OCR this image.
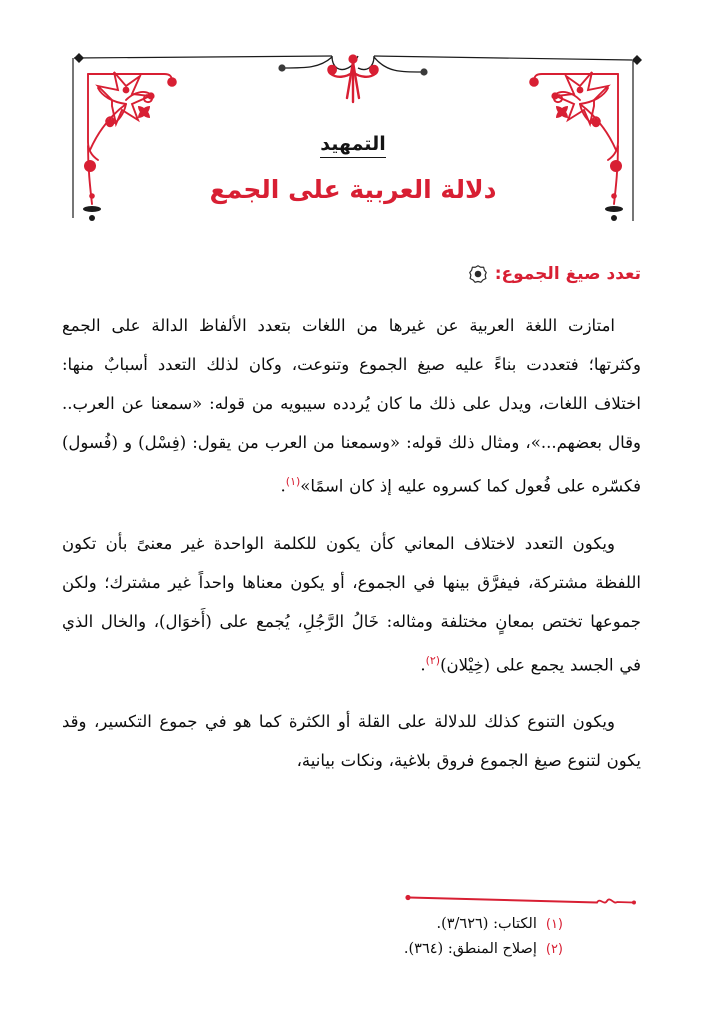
التمهيد
دلالة العربية على الجمع
تعدد صيغ الجموع:

امتازت اللغة العربية عن غيرها من اللغات بتعدد الألفاظ الدالة على الجمع وكثرتها؛ فتعددت بناءً عليه صيغ الجموع وتنوعت، وكان لذلك التعدد أسبابٌ منها: اختلاف اللغات، ويدل على ذلك ما كان يُردده سيبويه من قوله: «سمعنا عن العرب.. وقال بعضهم...»، ومثال ذلك قوله: «وسمعنا من العرب من يقول: (فِسْل) و (فُسول) فكسّره على فُعول كما كسروه عليه إذ كان اسمًا»$^{(١)}$.

ويكون التعدد لاختلاف المعاني كأن يكون للكلمة الواحدة غير معنىً بأن تكون اللفظة مشتركة، فيفرَّق بينها في الجموع، أو يكون معناها واحداً غير مشترك؛ ولكن جموعها تختص بمعانٍ مختلفة ومثاله: خَالُ الرَّجُلِ، يُجمع على (أَخوَال)، والخال الذي في الجسد يجمع على (خِيْلان)$^{(٢)}$.

ويكون التنوع كذلك للدلالة على القلة أو الكثرة كما هو في جموع التكسير، وقد يكون لتنوع صيغ الجموع فروق بلاغية، ونكات بيانية،

(١)
الكتاب: (٣/٦٢٦).
(٢)
إصلاح المنطق: (٣٦٤).
